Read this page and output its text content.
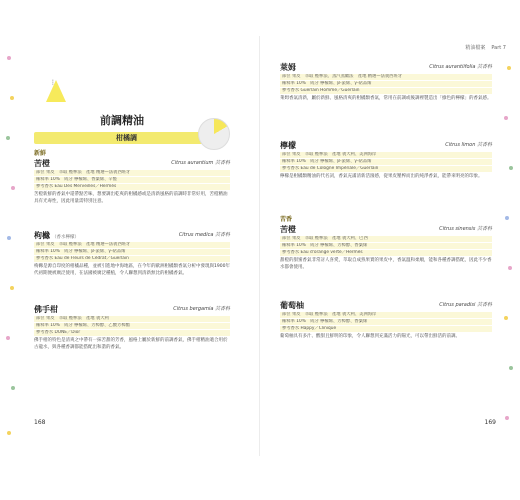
⋮
前調精油
柑橘調
新鮮
苦橙	Citrus aurantium 芸香科
部位 果皮　萃取 壓榨法　產地 精選—法義西班牙
稀釋率 10%　成分 檸檬烯、香葉烯、辛醛
參考香水 Eau Des Merveilles／Hermès
苦橙新鮮的香氣中還帶點苦味，想要調出乾爽的柑橘感或是清新風格的前調時非常好用，苦橙精油具有光毒性，因此用量需特別注意。
枸櫞 （香水檸檬）	Citrus medica 芸香科
部位 果皮　萃取 壓榨法　產地 精選—法義西班牙
稀釋率 10%　成分 檸檬烯、β-蒎烯、γ-萜品烯
參考香水 Eau de Fleurs de Cédrat／Guerlain
枸櫞是源自印度的柑橘品種，並被引進地中海地區，在今年的歐洲柑橘類香氣分析中發現與1900年代初期便被廣泛使用，在法國被廣泛種植，令人聯想到清新無比的柑橘香氣。
佛手柑	Citrus bergamia 芸香科
部位 果皮　萃取 壓榨法　產地 義大利
稀釋率 10%　成分 檸檬烯、芳樟醇、乙酸芳樟酯
參考香水 DUNE／Dior
佛手柑的特色是清爽之中帶有一抹苦甜的芳香，風格上屬於新鮮的前調香氣，佛手柑精油適合用於古龍水，與各種香調都能搭配出和諧的香氣。
168
精油檔案 Part 7
萊姆	Citrus aurantiifolia 芸香科
部位 果皮　萃取 壓榨法、蒸汽蒸餾法　產地 精選—法義西班牙
稀釋率 10%　成分 檸檬烯、β-蒎烯、γ-萜品烯
參考香水 Guerlain Homme／Guerlain
萊姆香氣清新，屬於新鮮、風格清爽的柑橘類香氣，常用在前調或後調裡製造出「綠色的檸檬」的香氣感。
檸檬	Citrus limon 芸香科
部位 果皮　萃取 壓榨法　產地 義大利、美洲海岸
稀釋率 10%　成分 檸檬烯、β-蒎烯、γ-萜品烯
參考香水 Eau de Cologne Impériale／Guerlain
檸檬是柑橘類精油的代名詞，香氣充滿清新活潑感，從果皮壓榨而出的純淨香氣，能帶來明亮的印象。
苦香
苦橙	Citrus sinensis 芸香科
部位 果皮　萃取 壓榨法　產地 義大利、巴西
稀釋率 10%　成分 檸檬烯、芳樟醇、香葉烯
參考香水 Eau d'orange verte／Hermès
甜橙的甜蜜香氣非常討人喜愛，萃取自成熟果實的果皮中，香氣溫和柔順，能和各種香調搭配，因此不少香水都會使用。
葡萄柚	Citrus paradisi 芸香科
部位 果皮　萃取 壓榨法　產地 義大利、美洲海岸
稀釋率 10%　成分 檸檬烯、芳樟醇、香葉烯
參考香水 Happy／Clinique
葡萄柚具有多汁、酸甜且鮮明的印象，令人聯想到充滿活力的陽光，可以帶出鮮活的前調。
169
